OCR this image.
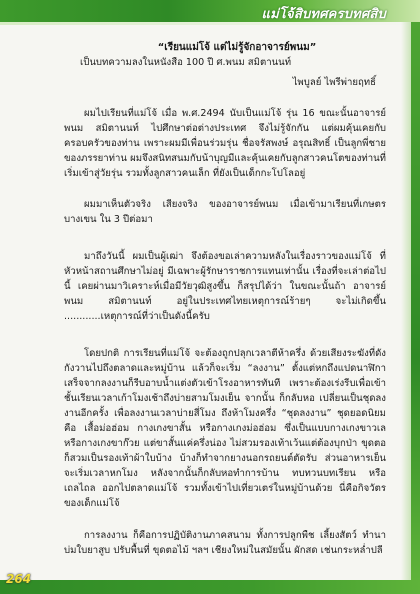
แม่โจ้สิบทศครบทศสิบ

“เรียนแม่โจ้ แต่ไม่รู้จักอาจารย์พนม”

เป็นบทความลงในหนังสือ 100 ปี ศ.พนม สมิตานนท์

ไพบูลย์ ไพรีพ่ายฤทธิ์

ผมไปเรียนที่แม่โจ้ เมื่อ พ.ศ.2494 นับเป็นแม่โจ้ รุ่น 16 ขณะนั้นอาจารย์พนม สมิตานนท์ ไปศึกษาต่อต่างประเทศ จึงไม่รู้จักกัน แต่ผมคุ้นเคยกับครอบครัวของท่าน เพราะผมมีเพื่อนร่วมรุ่น ชื่อจรัสพงษ์ อรุณสิทธิ์ เป็นลูกพี่ชายของภรรยาท่าน ผมจึงสนิทสนมกับน้าบุญมีและคุ้นเคยกับลูกสาวคนโตของท่านที่เริ่มเข้าสู่วัยรุ่น รวมทั้งลูกสาวคนเล็ก ที่ยังเป็นเด็กกะโปโลอยู่

ผมมาเห็นตัวจริง เสียงจริง ของอาจารย์พนม เมื่อเข้ามาเรียนที่เกษตรบางเขน ใน 3 ปีต่อมา

มาถึงวันนี้ ผมเป็นผู้เฒ่า จึงต้องขอเล่าความหลังในเรื่องราวของแม่โจ้ ที่หัวหน้าสถานศึกษาไม่อยู่ มีเฉพาะผู้รักษาราชการแทนเท่านั้น เรื่องที่จะเล่าต่อไปนี้ เคยผ่านมาวิเคราะห์เมื่อมีวัยวุฒิสูงขึ้น ก็สรุปได้ว่า ในขณะนั้นถ้า อาจารย์พนม สมิตานนท์ อยู่ในประเทศไทยเหตุการณ์ร้ายๆ จะไม่เกิดขึ้น ............เหตุการณ์ที่ว่าเป็นดังนี้ครับ

โดยปกติ การเรียนที่แม่โจ้ จะต้องถูกปลุกเวลาตีห้าครึ่ง ด้วยเสียงระฆังที่ดังกังวานไปถึงตลาดและหมู่บ้าน แล้วก็จะเริ่ม “ลงงาน” ตั้งแต่หกถึงแปดนาฬิกา เสร็จจากลงงานก็รีบอาบน้ำแต่งตัวเข้าโรงอาหารทันที เพราะต้องเร่งรีบเพื่อเข้าชั้นเรียนเวลาเก้าโมงเช้าถึงบ่ายสามโมงเย็น จากนั้น ก็กลับหอ เปลี่ยนเป็นชุดลงงานอีกครั้ง เพื่อลงงานเวลาบ่ายสี่โมง ถึงห้าโมงครึ่ง “ชุดลงงาน” ชุดยอดนิยม คือ เสื้อม่อฮ่อม กางเกงขาสั้น หรือกางเกงม่อฮ่อม ซึ่งเป็นแบบกางเกงขาวเล หรือกางเกงขาก๊วย แต่ขาสั้นแค่ครึ่งน่อง ไม่สวมรองเท้าเว้นแต่ต้องบุกป่า ขุดตอ ก็สวมเป็นรองเท้าผ้าใบบ้าง บ้างก็ทำจากยางนอกรถยนต์ตัดรับ ส่วนอาหารเย็นจะเริ่มเวลาหกโมง หลังจากนั้นก็กลับหอทำการบ้าน ทบทวนบทเรียน หรือเถลไถล ออกไปตลาดแม่โจ้ รวมทั้งเข้าไปเที่ยวเตร่ในหมู่บ้านด้วย นี่คือกิจวัตร ของเด็กแม่โจ้

การลงงาน ก็คือการปฏิบัติงานภาคสนาม ทั้งการปลูกพืช เลี้ยงสัตว์ ทำนา บ่มใบยาสูบ ปรับพื้นที่ ขุดตอไม้ ฯลฯ เชียงใหม่ในสมัยนั้น ผักสด เช่นกระหล่ำปลี

264
